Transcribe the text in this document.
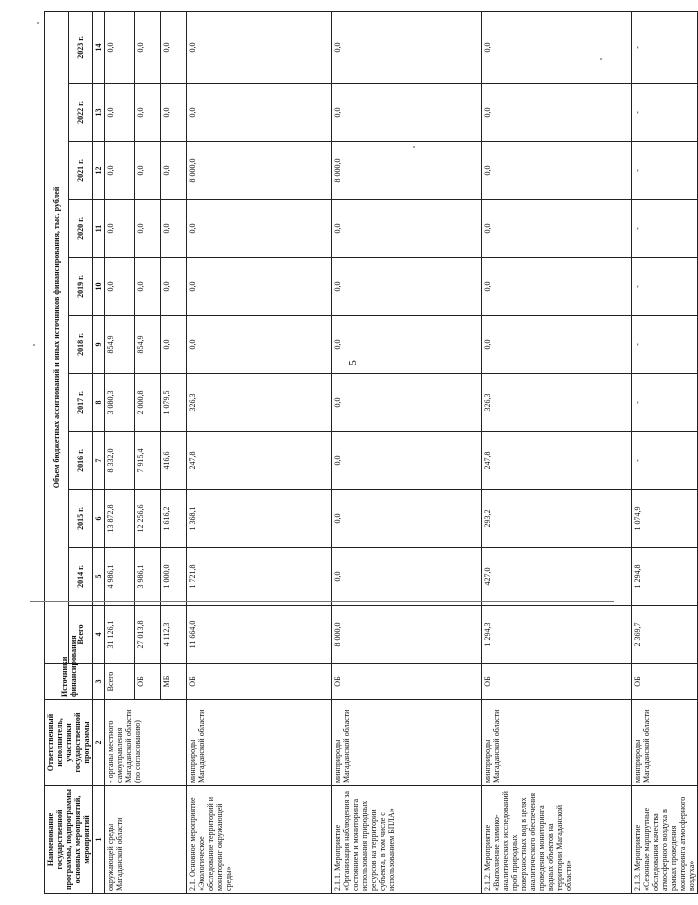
Наименование государственной программы, подпрограммы основных мероприятий, мероприятий	Ответственный исполнитель, участники государственной программы	Источники финансирования	Объем бюджетных ассигнований и иных источников финансирования, тыс. рублей										
			Всего	2014 г.	2015 г.	2016 г.	2017 г.	2018 г.	2019 г.	2020 г.	2021 г.	2022 г.	2023 г.
1	2	3	4	5	6	7	8	9	10	11	12	13	14
окружающей среды Магаданской области	- органы местного самоуправления Магаданской области (по согласованию)	Всего	31 126,1	4 986,1	13 872,8	8 332,0	3 080,3	854,9	0,0	0,0	0,0	0,0	0,0
		ОБ	27 013,8	3 986,1	12 256,6	7 915,4	2 000,8	854,9	0,0	0,0	0,0	0,0	0,0
		МБ	4 112,3	1 000,0	1 616,2	416,6	1 079,5	0,0	0,0	0,0	0,0	0,0	0,0
2.1. Основное мероприятие «Экологическое обследование территорий и мониторинг окружающей среды»	минприроды Магаданской области	ОБ	11 664,0	1 721,8	1 368,1	247,8	326,3	0,0	0,0	0,0	8 000,0	0,0	0,0
2.1.1. Мероприятие «Организация наблюдения за состоянием и мониторинга использования природных ресурсов на территории субъекта, в том числе с использованием БПЛА»	минприроды Магаданской области	ОБ	8 000,0	0,0	0,0	0,0	0,0	0,0	0,0	0,0	8 000,0	0,0	0,0
2.1.2. Мероприятие «Выполнение химико-аналитических исследований проб природных поверхностных вод в целях аналитического обеспечения проведения мониторинга водных объектов на территории Магаданской области»	минприроды Магаданской области	ОБ	1 294,3	427,0	293,2	247,8	326,3	0,0	0,0	0,0	0,0	0,0	0,0
2.1.3. Мероприятие «Сезонные маршрутные обследования качества атмосферного воздуха в рамках проведения мониторинга атмосферного воздуха»	минприроды Магаданской области	ОБ	2 369,7	1 294,8	1 074,9	-	-	-	-	-	-	-	-
5
